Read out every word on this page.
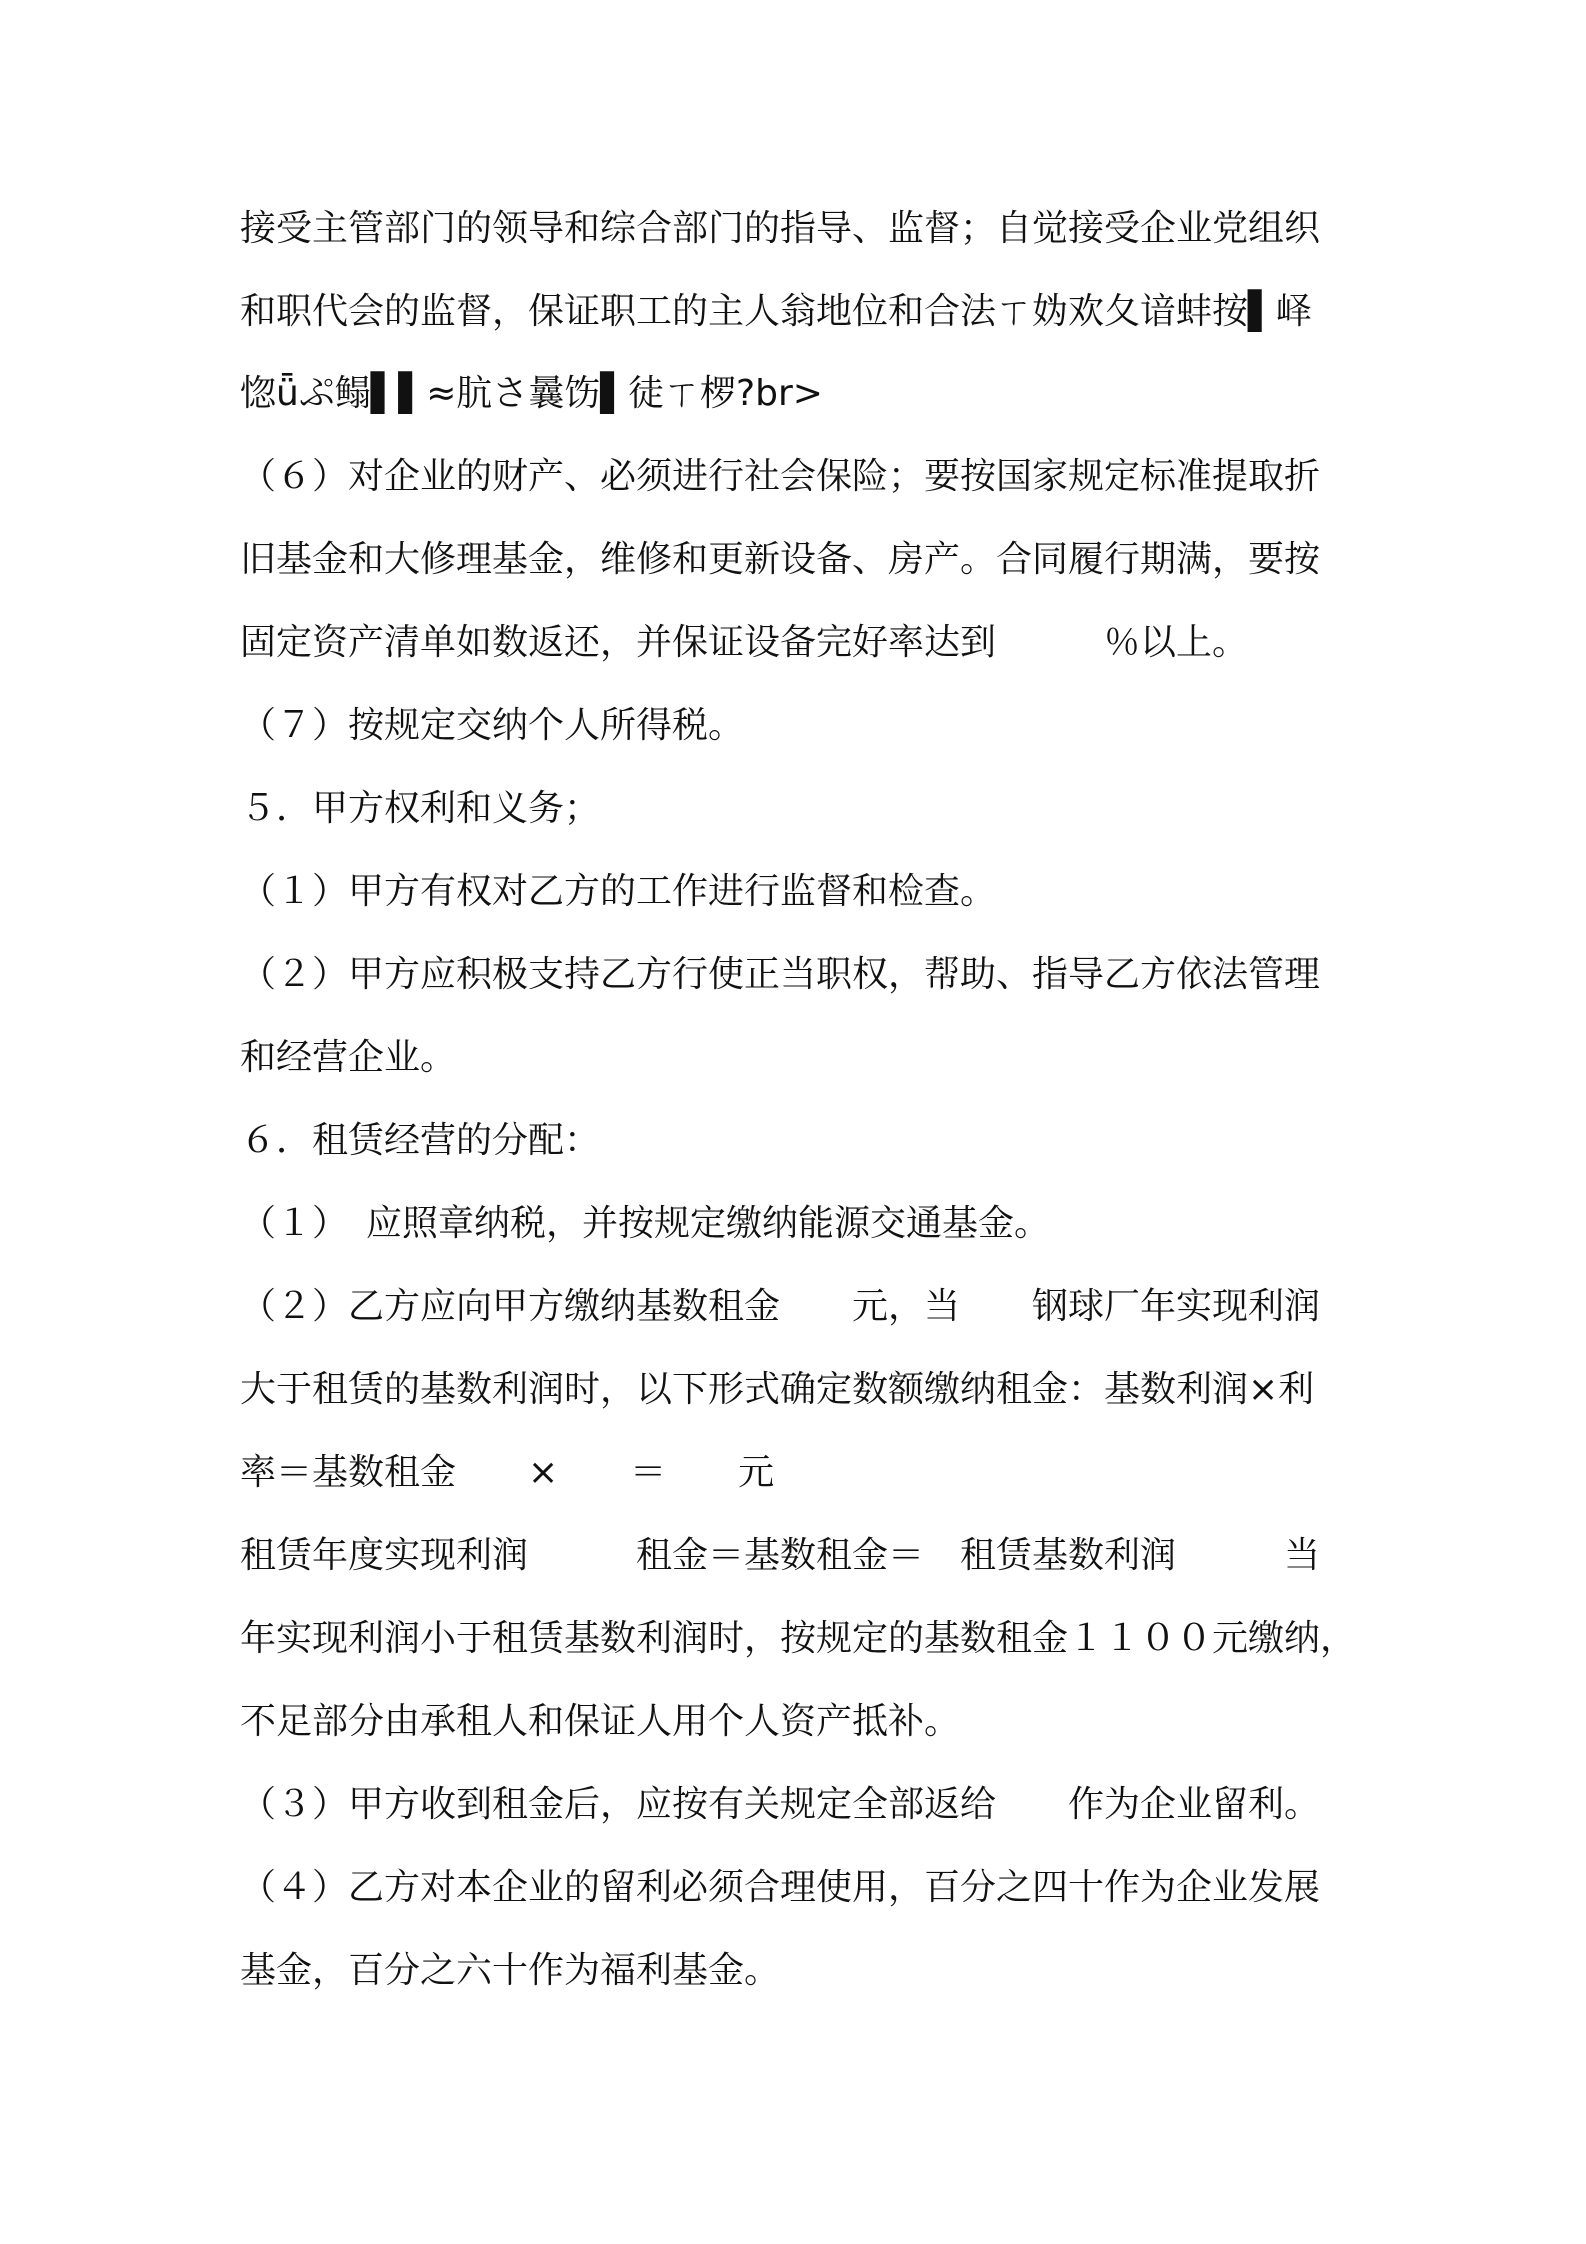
接受主管部门的领导和综合部门的指导、监督；自觉接受企业党组织
和职代会的监督，保证职工的主人翁地位和合法ㄒ妫欢夂谙蚌按▌峄
惚ǖぷ鳎▌▌≈肮さ曩饬▌徒ㄒ椤?br>
（６）对企业的财产、必须进行社会保险；要按国家规定标准提取折
旧基金和大修理基金，维修和更新设备、房产。合同履行期满，要按
固定资产清单如数返还，并保证设备完好率达到　　　％以上。
（７）按规定交纳个人所得税。
５．甲方权利和义务；
（１）甲方有权对乙方的工作进行监督和检查。
（２）甲方应积极支持乙方行使正当职权，帮助、指导乙方依法管理
和经营企业。
６．租赁经营的分配：
（１）　应照章纳税，并按规定缴纳能源交通基金。
（２）乙方应向甲方缴纳基数租金　　元，当　　钢球厂年实现利润
大于租赁的基数利润时，以下形式确定数额缴纳租金：基数利润×利
率＝基数租金　　×　　＝　　元
租赁年度实现利润　　　租金＝基数租金＝　租赁基数利润　　　当
年实现利润小于租赁基数利润时，按规定的基数租金１１００元缴纳，
不足部分由承租人和保证人用个人资产抵补。
（３）甲方收到租金后，应按有关规定全部返给　　作为企业留利。
（４）乙方对本企业的留利必须合理使用，百分之四十作为企业发展
基金，百分之六十作为福利基金。
